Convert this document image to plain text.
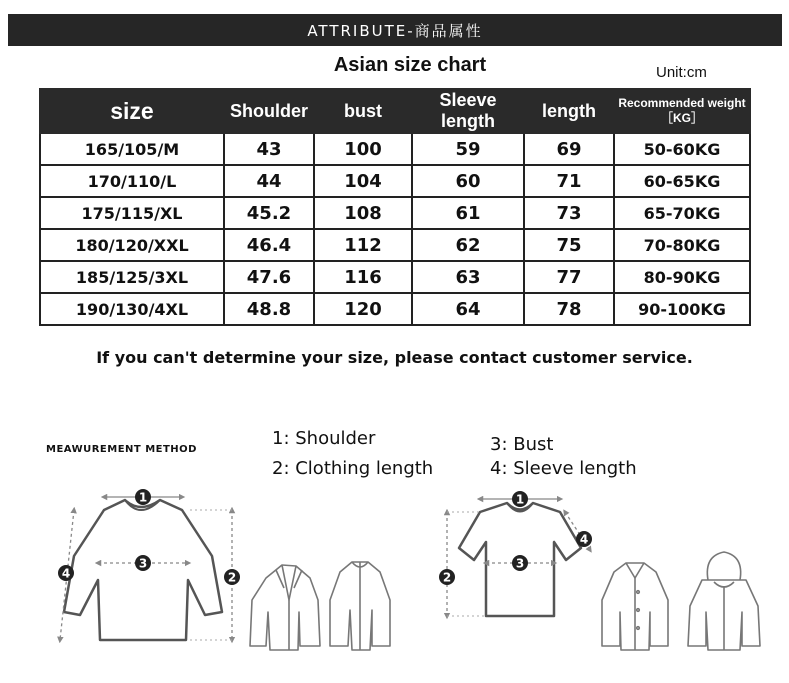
ATTRIBUTE-商品属性
Asian size chart	Unit:cm
size	Shoulder	bust	Sleeve length	length	Recommended weight［KG］
165/105/M	43	100	59	69	50-60KG
170/110/L	44	104	60	71	60-65KG
175/115/XL	45.2	108	61	73	65-70KG
180/120/XXL	46.4	112	62	75	70-80KG
185/125/3XL	47.6	116	63	77	80-90KG
190/130/4XL	48.8	120	64	78	90-100KG
If you can't determine your size, please contact customer service.
MEAWUREMENT METHOD
1: Shoulder
2: Clothing length
3: Bust
4: Sleeve length
1
3
2
4
1
3
2
4
